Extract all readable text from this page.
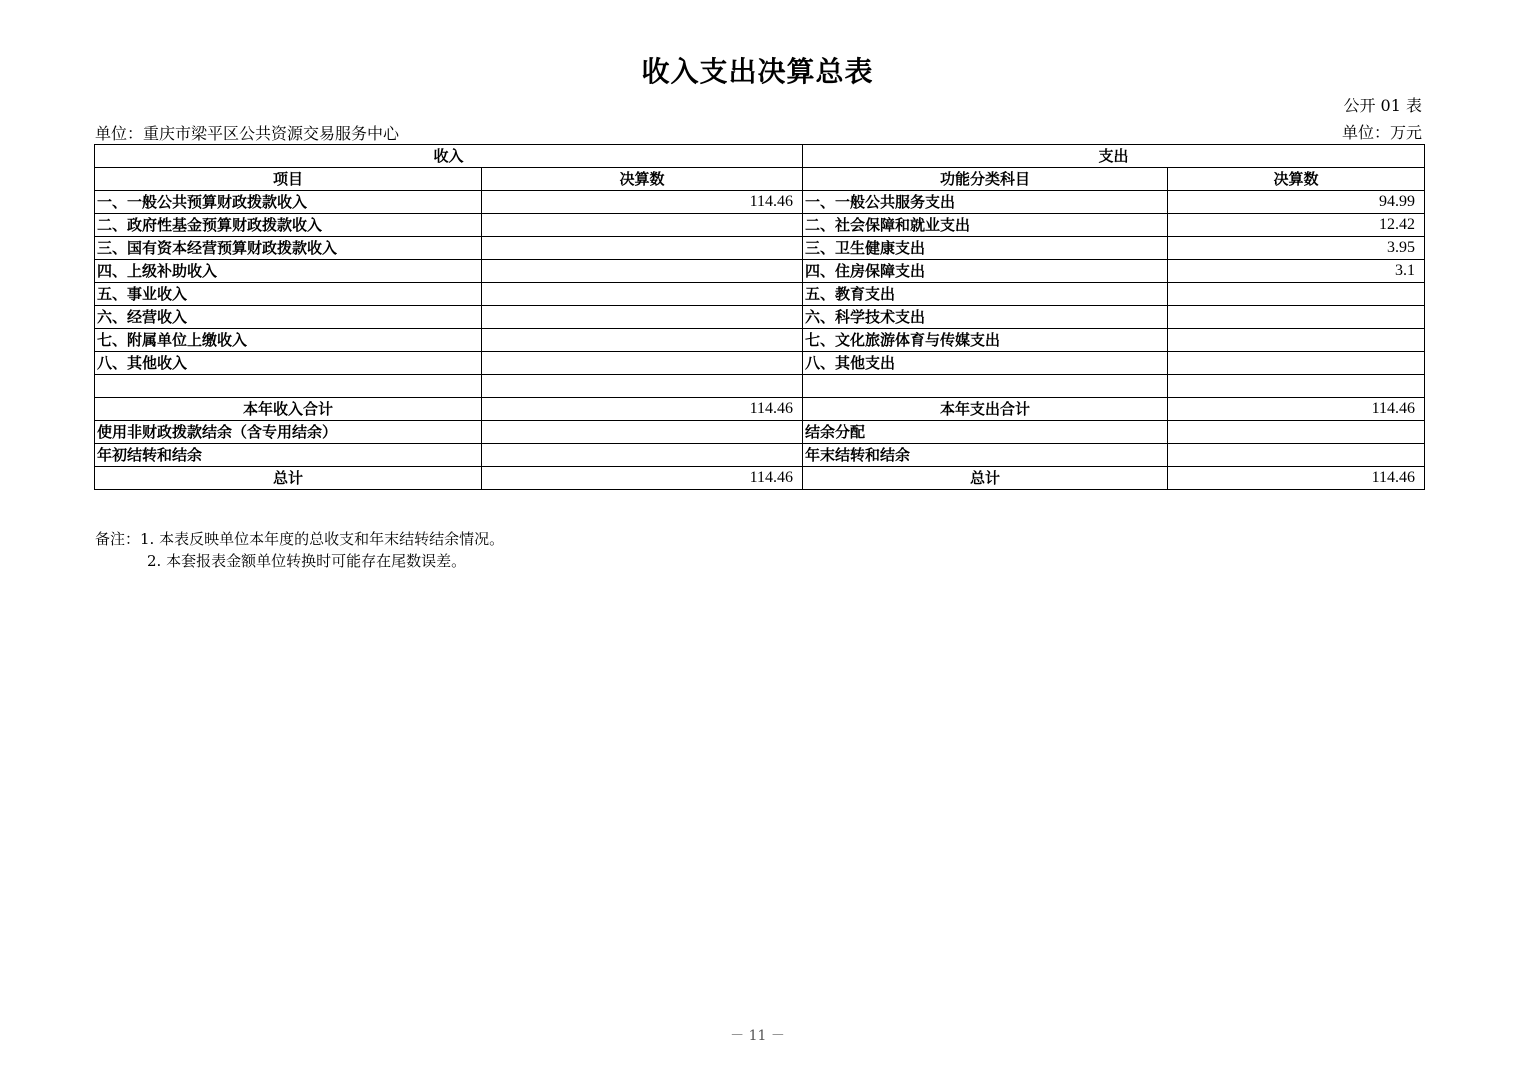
收入支出决算总表
公开 01 表
单位：重庆市梁平区公共资源交易服务中心	单位：万元
收入		支出	
项目	决算数	功能分类科目	决算数
一、一般公共预算财政拨款收入	114.46	一、一般公共服务支出	94.99
二、政府性基金预算财政拨款收入		二、社会保障和就业支出	12.42
三、国有资本经营预算财政拨款收入		三、卫生健康支出	3.95
四、上级补助收入		四、住房保障支出	3.1
五、事业收入		五、教育支出	
六、经营收入		六、科学技术支出	
七、附属单位上缴收入		七、文化旅游体育与传媒支出	
八、其他收入		八、其他支出	

本年收入合计	114.46	本年支出合计	114.46
使用非财政拨款结余（含专用结余）		结余分配	
年初结转和结余		年末结转和结余	
总计	114.46	总计	114.46
备注：1. 本表反映单位本年度的总收支和年末结转结余情况。
2. 本套报表金额单位转换时可能存在尾数误差。
－ 11 －
